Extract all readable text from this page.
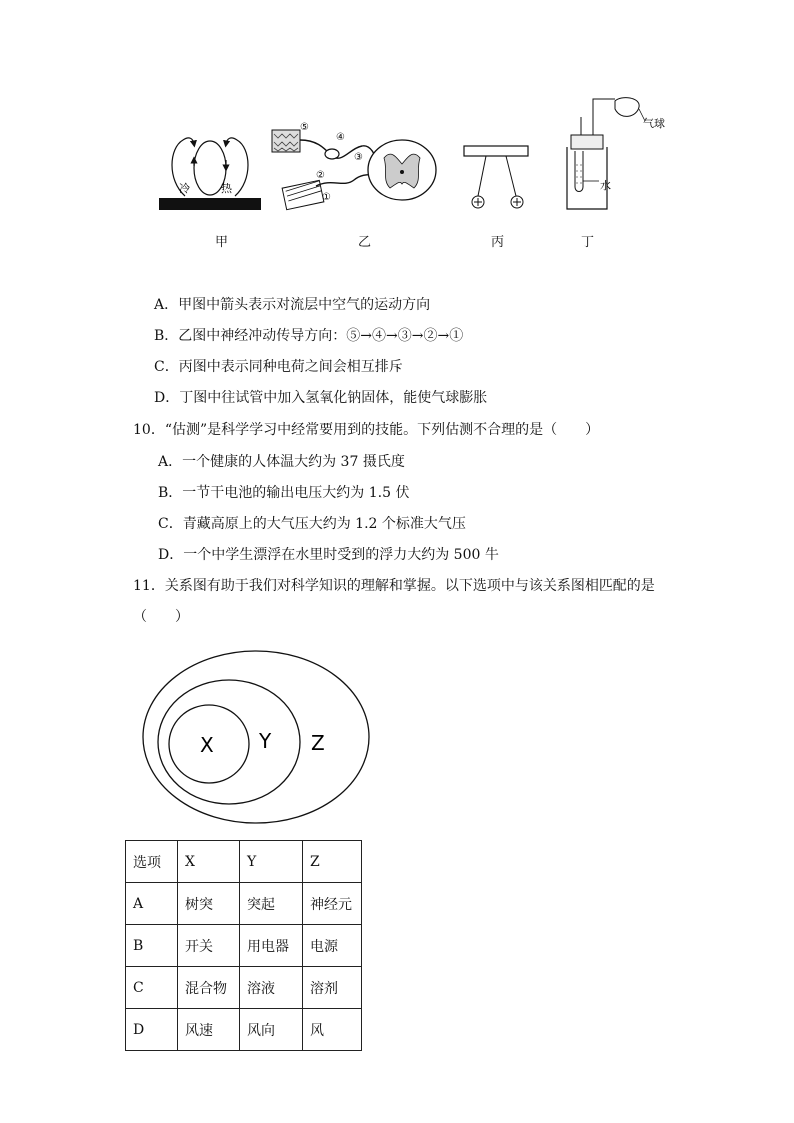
冷	热
甲
⑤
④
③
②
①
乙	丙
气球
水
丁
A．甲图中箭头表示对流层中空气的运动方向
B．乙图中神经冲动传导方向：⑤→④→③→②→①
C．丙图中表示同种电荷之间会相互排斥
D．丁图中往试管中加入氢氧化钠固体，能使气球膨胀
10．“估测”是科学学习中经常要用到的技能。下列估测不合理的是（　　）
A．一个健康的人体温大约为 37 摄氏度
B．一节干电池的输出电压大约为 1.5 伏
C．青藏高原上的大气压大约为 1.2 个标准大气压
D．一个中学生漂浮在水里时受到的浮力大约为 500 牛
11．关系图有助于我们对科学知识的理解和掌握。以下选项中与该关系图相匹配的是
（　　）
X Y Z
选项	X	Y	Z
A	树突	突起	神经元
B	开关	用电器	电源
C	混合物	溶液	溶剂
D	风速	风向	风
